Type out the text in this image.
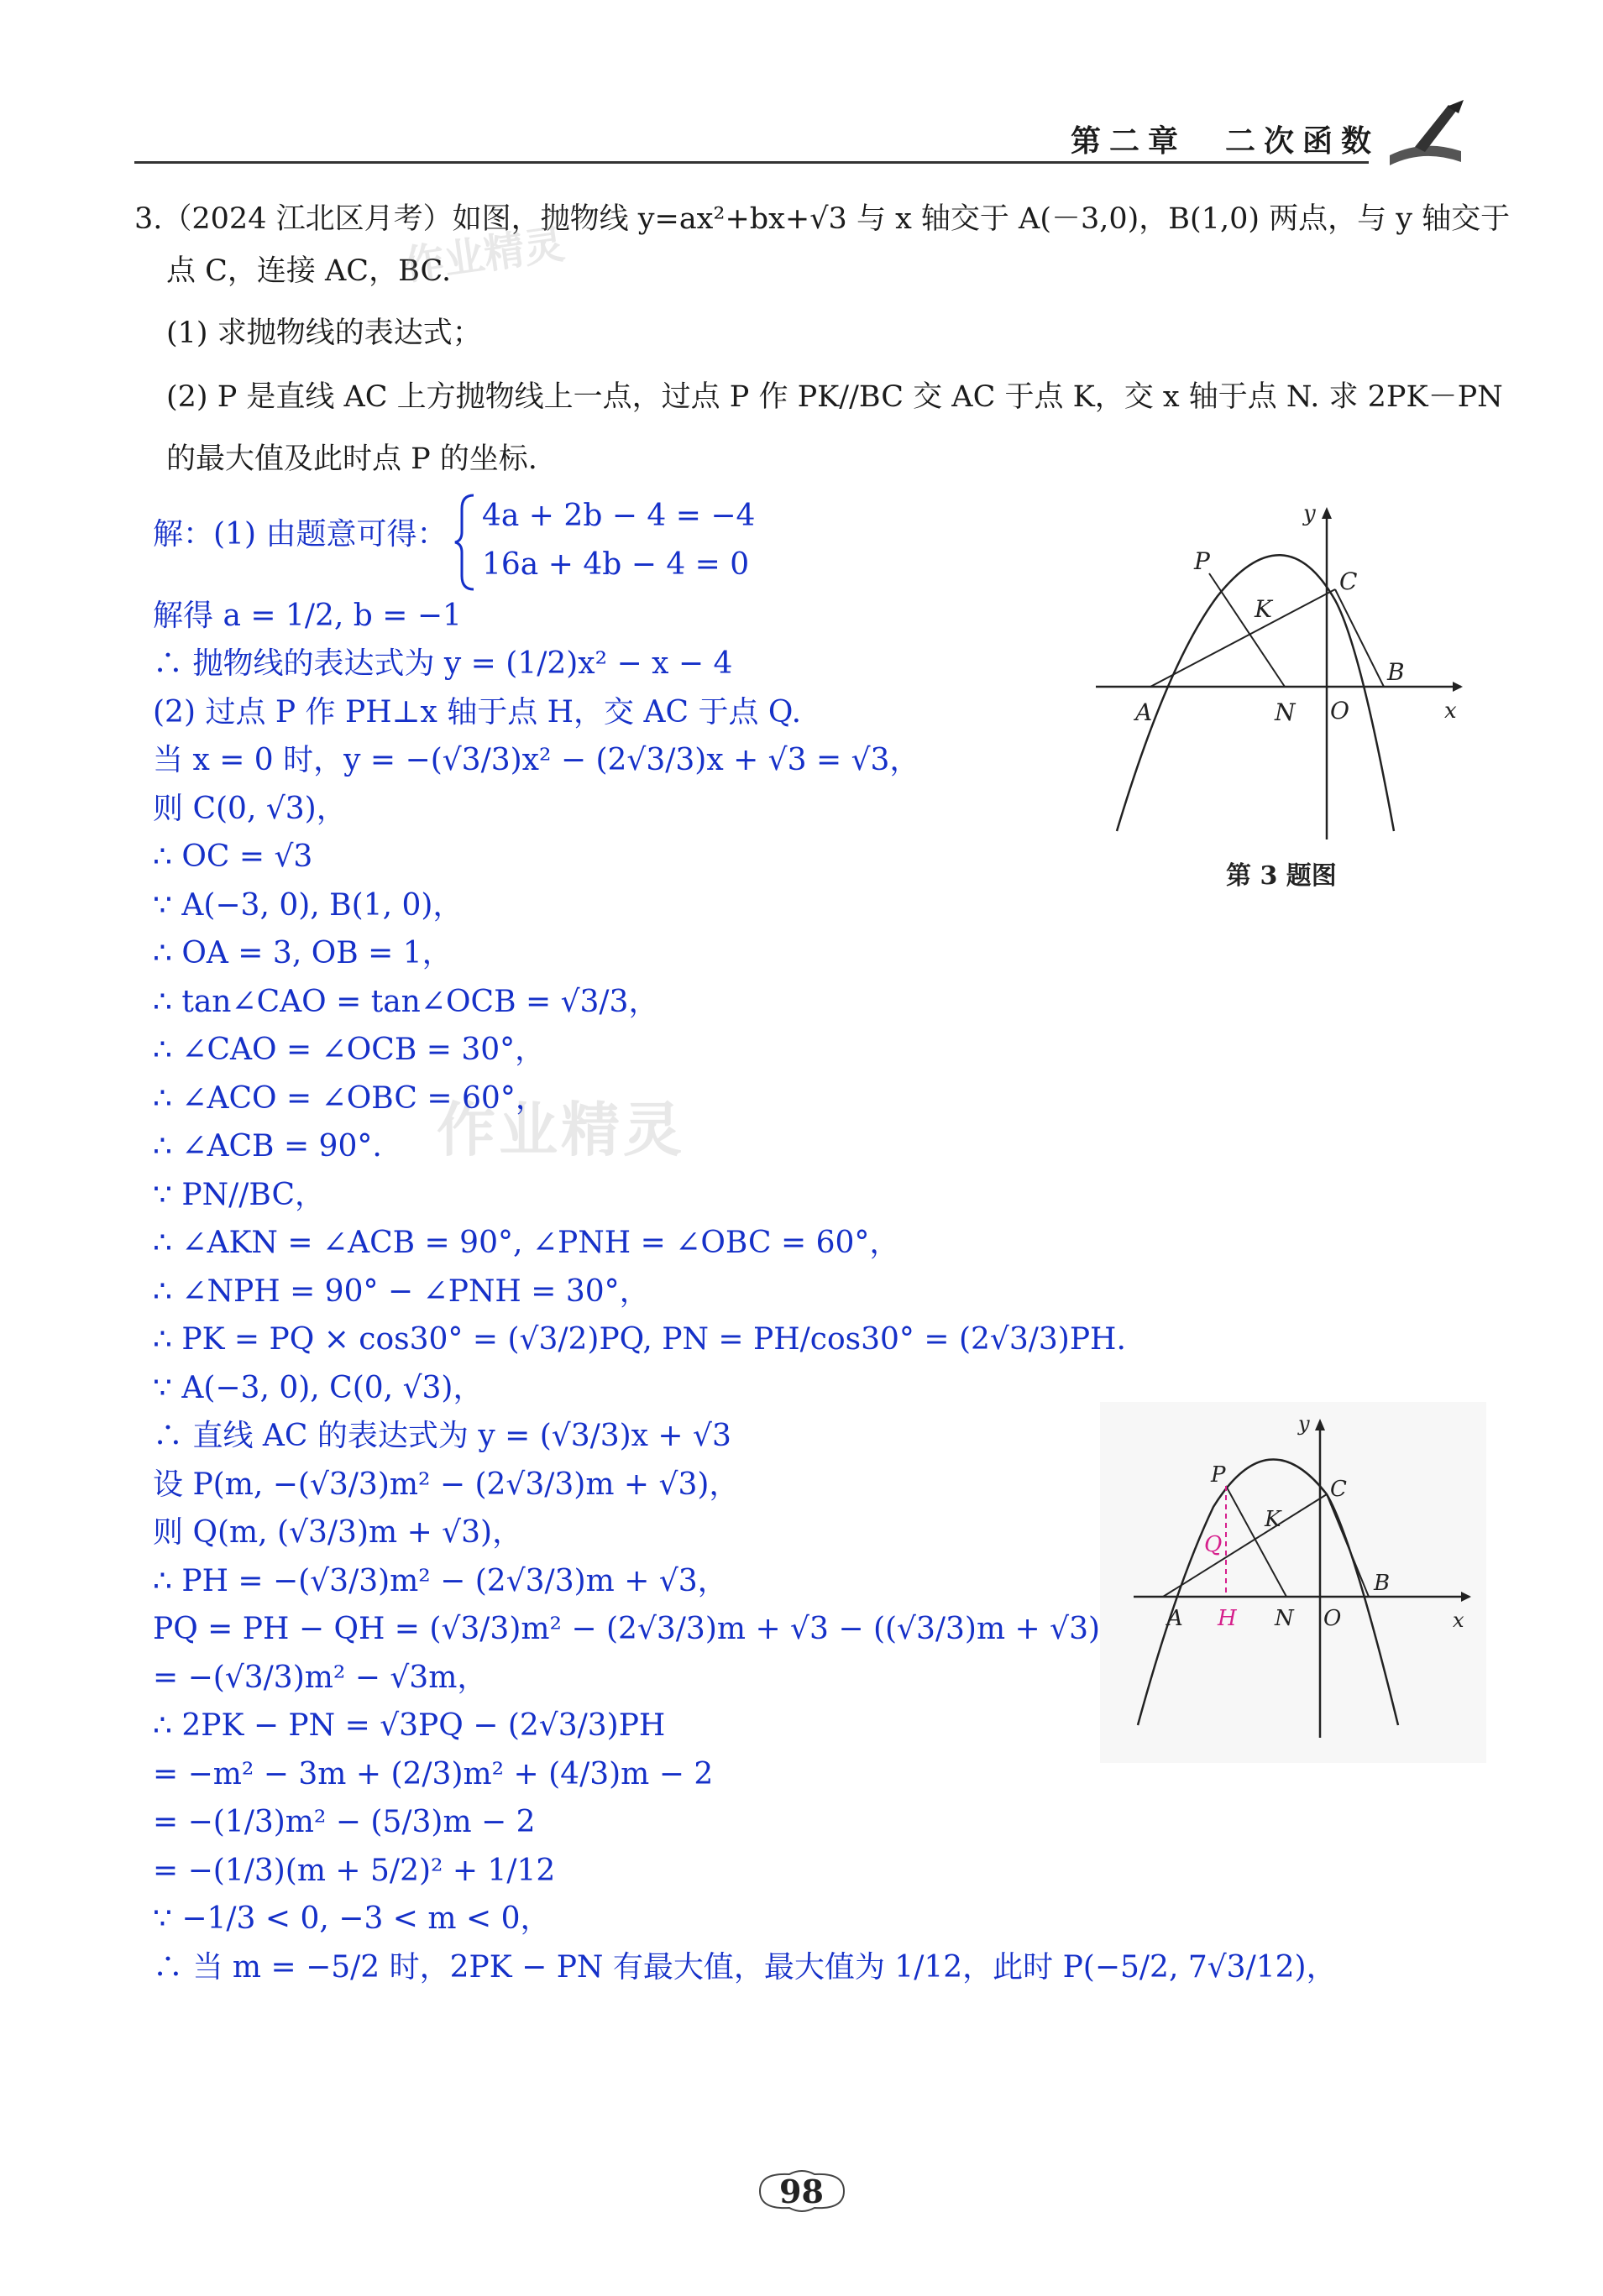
第二章　二次函数
3.（2024 江北区月考）如图，抛物线 y=ax²+bx+√3 与 x 轴交于 A(－3,0)，B(1,0) 两点，与 y 轴交于
点 C，连接 AC，BC.
(1) 求抛物线的表达式；
(2) P 是直线 AC 上方抛物线上一点，过点 P 作 PK//BC 交 AC 于点 K，交 x 轴于点 N. 求 2PK－PN
的最大值及此时点 P 的坐标.
作业精灵
作业精灵
解：(1) 由题意可得：
4a + 2b − 4 = −4
16a + 4b − 4 = 0
解得 a = 1/2, b = −1
∴ 抛物线的表达式为 y = (1/2)x² − x − 4
(2) 过点 P 作 PH⊥x 轴于点 H，交 AC 于点 Q.
当 x = 0 时，y = −(√3/3)x² − (2√3/3)x + √3 = √3，
则 C(0, √3)，
∴ OC = √3
∵ A(−3, 0), B(1, 0)，
∴ OA = 3, OB = 1，
∴ tan∠CAO = tan∠OCB = √3/3，
∴ ∠CAO = ∠OCB = 30°，
∴ ∠ACO = ∠OBC = 60°，
∴ ∠ACB = 90°.
∵ PN//BC，
∴ ∠AKN = ∠ACB = 90°, ∠PNH = ∠OBC = 60°，
∴ ∠NPH = 90° − ∠PNH = 30°，
∴ PK = PQ × cos30° = (√3/2)PQ, PN = PH/cos30° = (2√3/3)PH.
∵ A(−3, 0), C(0, √3)，
∴ 直线 AC 的表达式为 y = (√3/3)x + √3
设 P(m, −(√3/3)m² − (2√3/3)m + √3)，
则 Q(m, (√3/3)m + √3)，
∴ PH = −(√3/3)m² − (2√3/3)m + √3，
PQ = PH − QH = (√3/3)m² − (2√3/3)m + √3 − ((√3/3)m + √3)
= −(√3/3)m² − √3m，
∴ 2PK − PN = √3PQ − (2√3/3)PH
= −m² − 3m + (2/3)m² + (4/3)m − 2
= −(1/3)m² − (5/3)m − 2
= −(1/3)(m + 5/2)² + 1/12
∵ −1/3 < 0, −3 < m < 0，
∴ 当 m = −5/2 时，2PK − PN 有最大值，最大值为 1/12，此时 P(−5/2, 7√3/12)，
y
x
P
K
C
B
A	N O
第 3 题图
y
x
P
K
C
B
A	N O
Q
H
98
